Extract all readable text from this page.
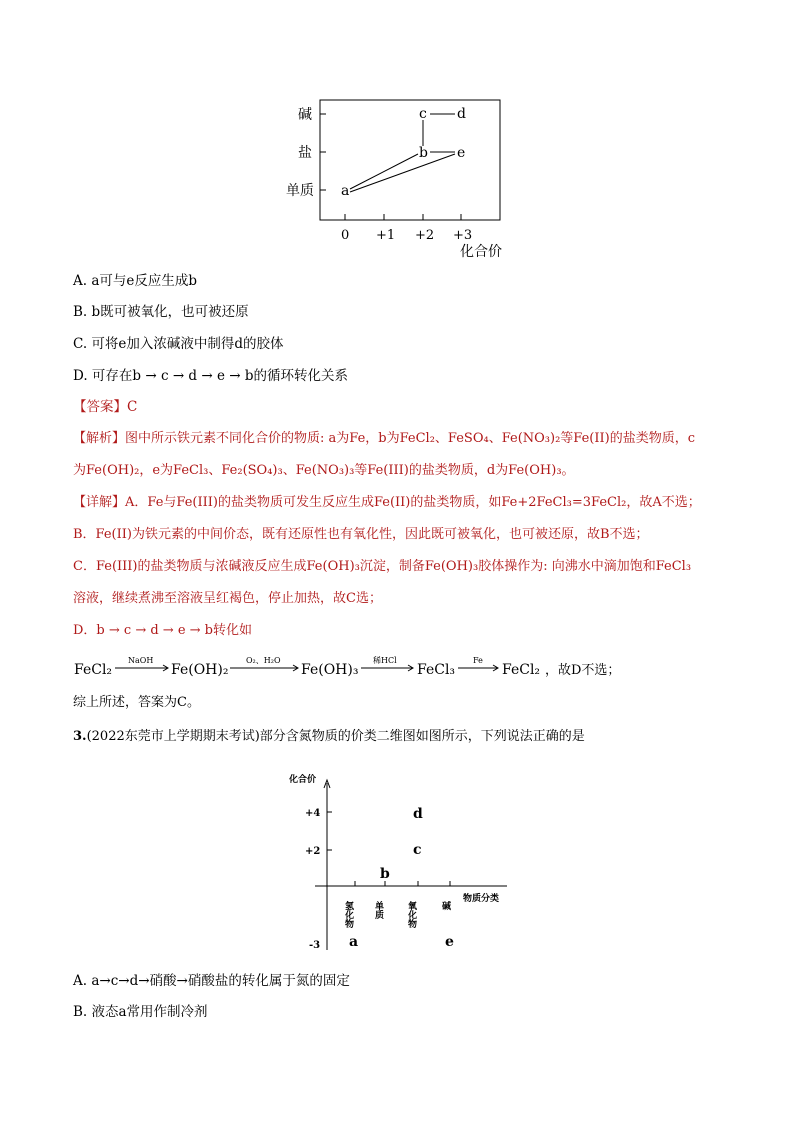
碱
盐
单质
0 +1 +2 +3
化合价
a
b
c d
e
A. a可与e反应生成b
B. b既可被氧化，也可被还原
C. 可将e加入浓碱液中制得d的胶体
D. 可存在b → c → d → e → b的循环转化关系
【答案】C
【解析】图中所示铁元素不同化合价的物质: a为Fe，b为FeCl₂、FeSO₄、Fe(NO₃)₂等Fe(II)的盐类物质，c
为Fe(OH)₂，e为FeCl₃、Fe₂(SO₄)₃、Fe(NO₃)₃等Fe(III)的盐类物质，d为Fe(OH)₃。
【详解】A．Fe与Fe(III)的盐类物质可发生反应生成Fe(II)的盐类物质，如Fe+2FeCl₃=3FeCl₂，故A不选；
B．Fe(II)为铁元素的中间价态，既有还原性也有氧化性，因此既可被氧化，也可被还原，故B不选；
C．Fe(III)的盐类物质与浓碱液反应生成Fe(OH)₃沉淀，制备Fe(OH)₃胶体操作为: 向沸水中滴加饱和FeCl₃
溶液，继续煮沸至溶液呈红褐色，停止加热，故C选；
D．b → c → d → e → b转化如
FeCl₂
NaOH
Fe(OH)₂
O₂、H₂O
Fe(OH)₃
稀HCl
FeCl₃
Fe
FeCl₂ ，故D不选；
综上所述，答案为C。
3.(2022东莞市上学期期末考试)部分含氮物质的价类二维图如图所示，下列说法正确的是
化合价
+4
+2
-3
氢化物 单质	氧化物	碱
物质分类
a
b
c
d
e
A. a→c→d→硝酸→硝酸盐的转化属于氮的固定
B. 液态a常用作制冷剂
